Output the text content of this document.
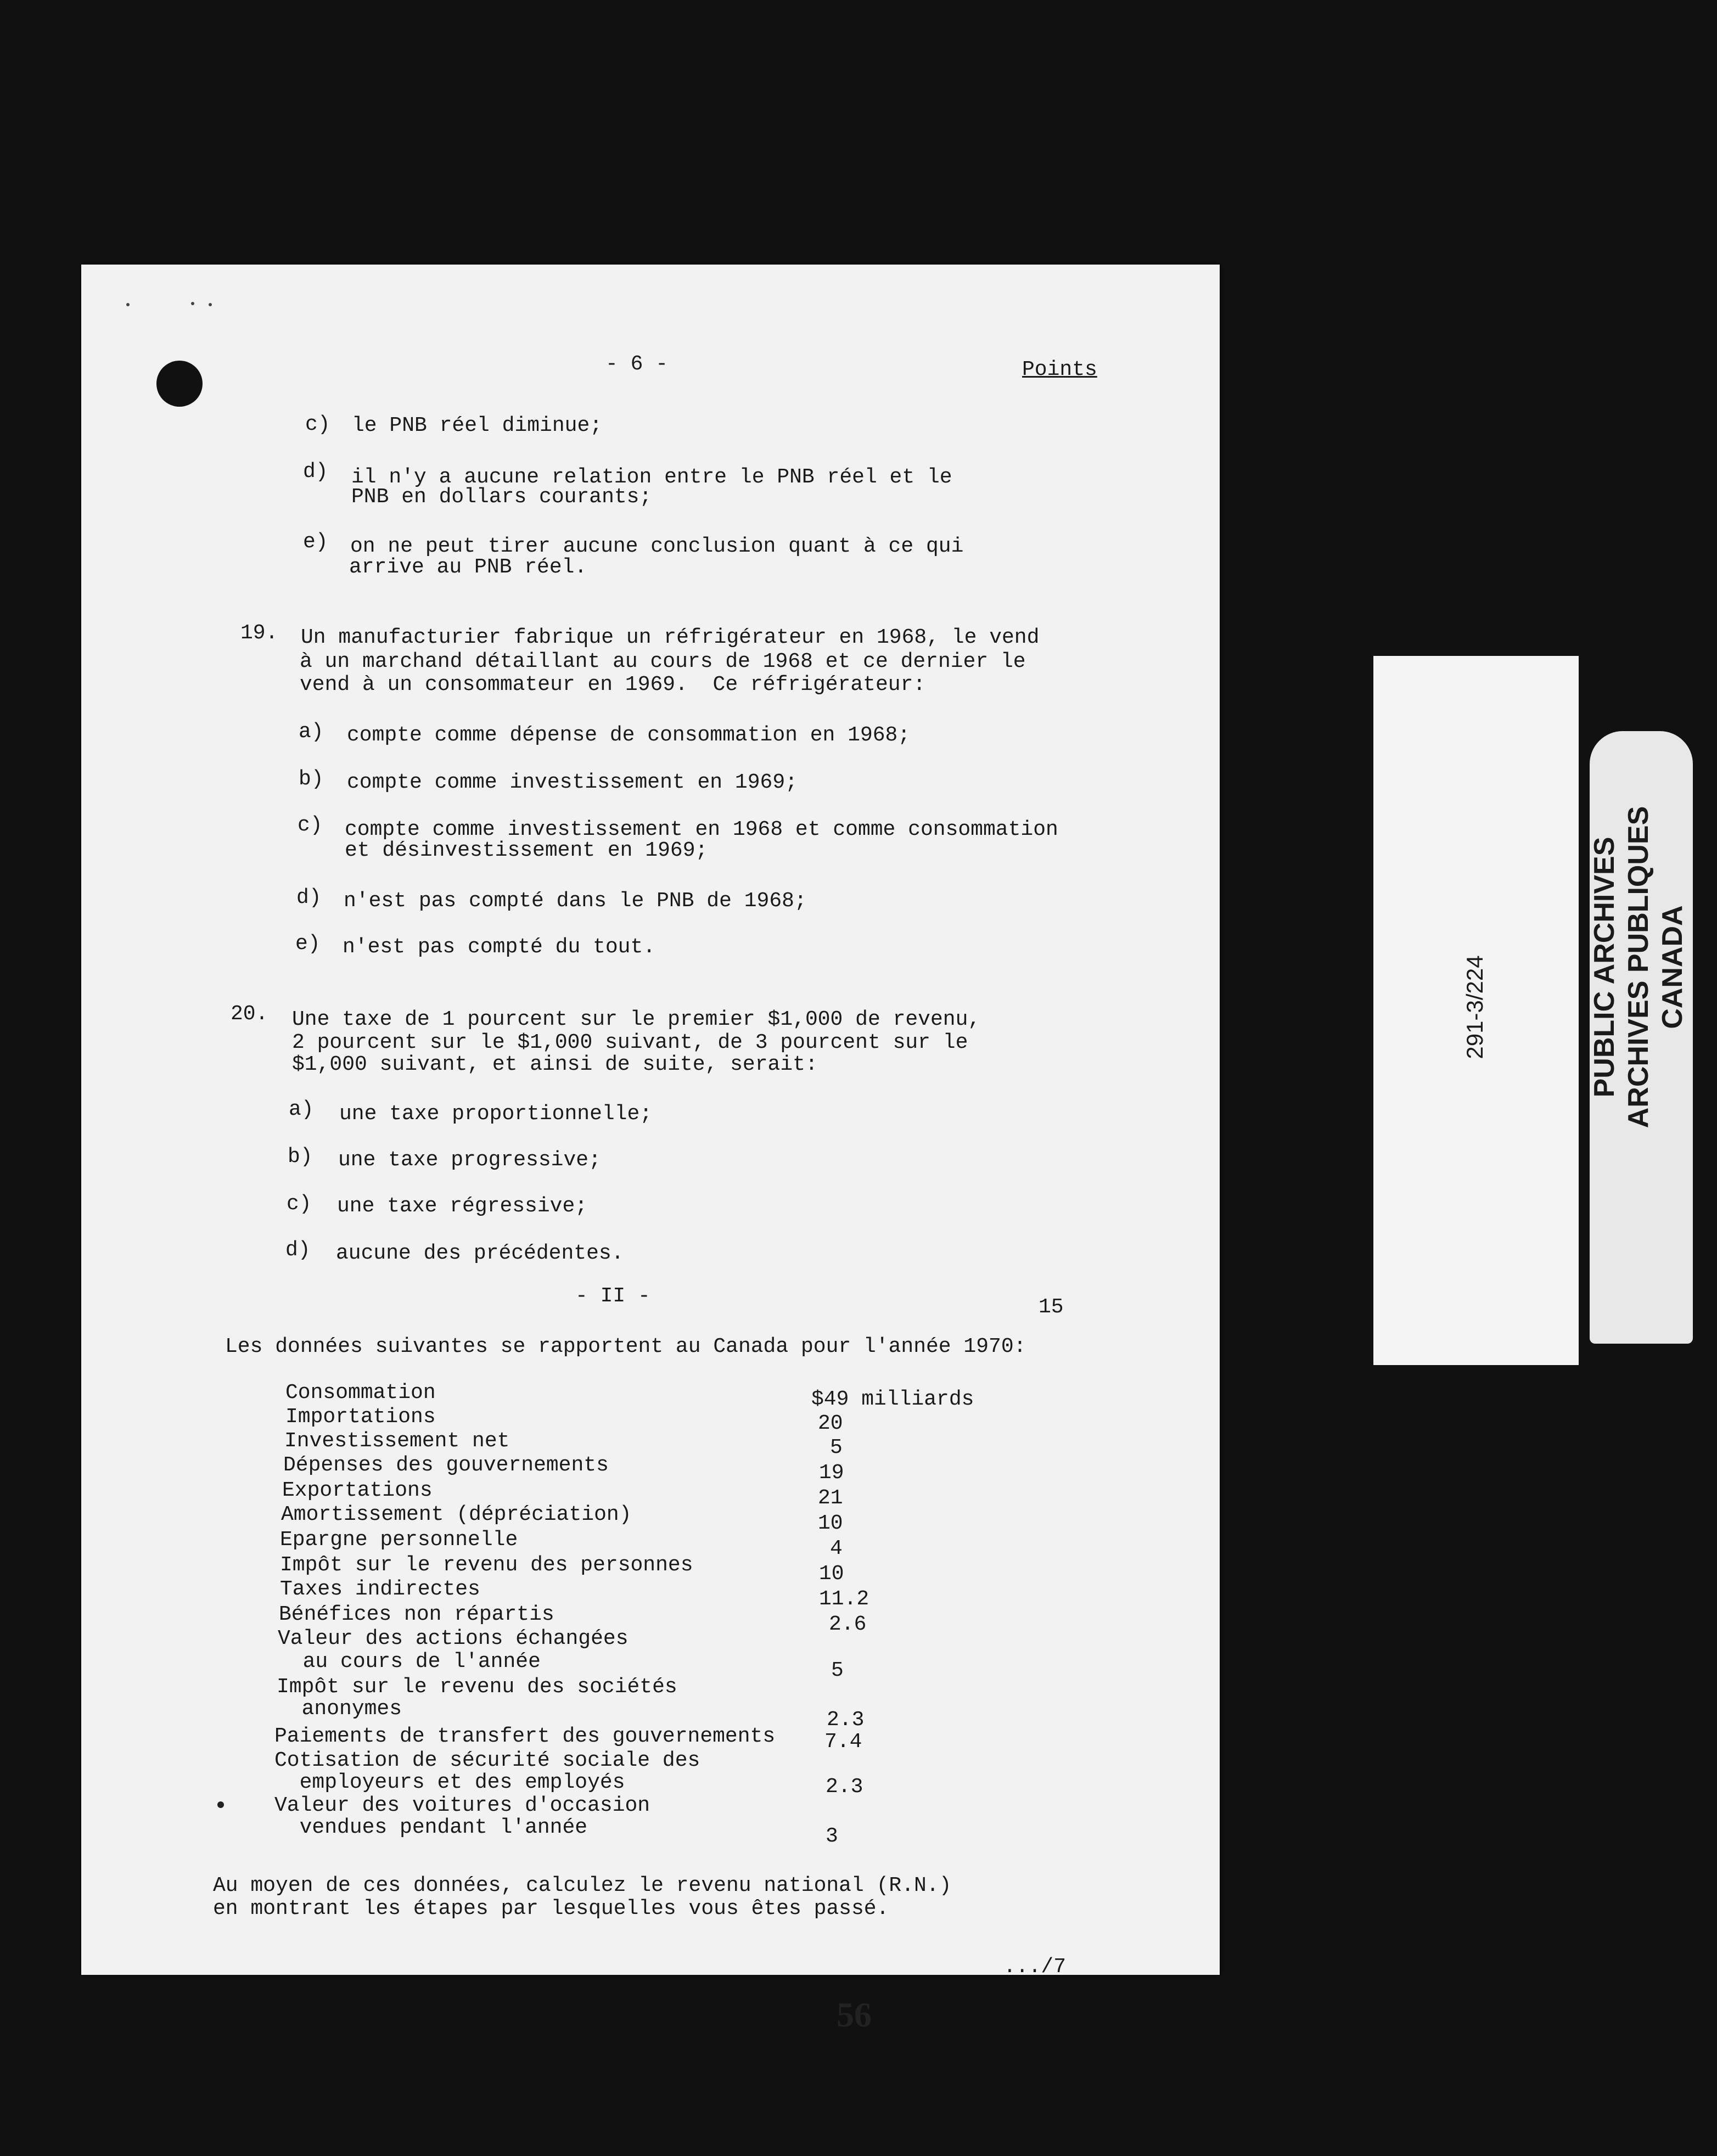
- 6 -	Points
c) le PNB réel diminue;
d) il n'y a aucune relation entre le PNB réel et le
PNB en dollars courants;
e) on ne peut tirer aucune conclusion quant à ce qui
arrive au PNB réel.
19. Un manufacturier fabrique un réfrigérateur en 1968, le vend
à un marchand détaillant au cours de 1968 et ce dernier le
vend à un consommateur en 1969.  Ce réfrigérateur:
a) compte comme dépense de consommation en 1968;
b) compte comme investissement en 1969;
c) compte comme investissement en 1968 et comme consommation
et désinvestissement en 1969;
d) n'est pas compté dans le PNB de 1968;
e) n'est pas compté du tout.
20. Une taxe de 1 pourcent sur le premier $1,000 de revenu,
2 pourcent sur le $1,000 suivant, de 3 pourcent sur le
$1,000 suivant, et ainsi de suite, serait:
a) une taxe proportionnelle;
b) une taxe progressive;
c) une taxe régressive;
d) aucune des précédentes.
- II -	15
Les données suivantes se rapportent au Canada pour l'année 1970:
Consommation	$49 milliards
Importations	20
Investissement net	5
Dépenses des gouvernements	19
Exportations	21
Amortissement (dépréciation)	10
Epargne personnelle	4
Impôt sur le revenu des personnes	10
Taxes indirectes	11.2
Bénéfices non répartis	2.6
Valeur des actions échangées
au cours de l'année	5
Impôt sur le revenu des sociétés
anonymes	2.3
Paiements de transfert des gouvernements 7.4
Cotisation de sécurité sociale des
employeurs et des employés	2.3
Valeur des voitures d'occasion
vendues pendant l'année	3
Au moyen de ces données, calculez le revenu national (R.N.)
en montrant les étapes par lesquelles vous êtes passé.
.../7
56
291-3/224	PUBLIC ARCHIVES ARCHIVES PUBLIQUES CANADA
